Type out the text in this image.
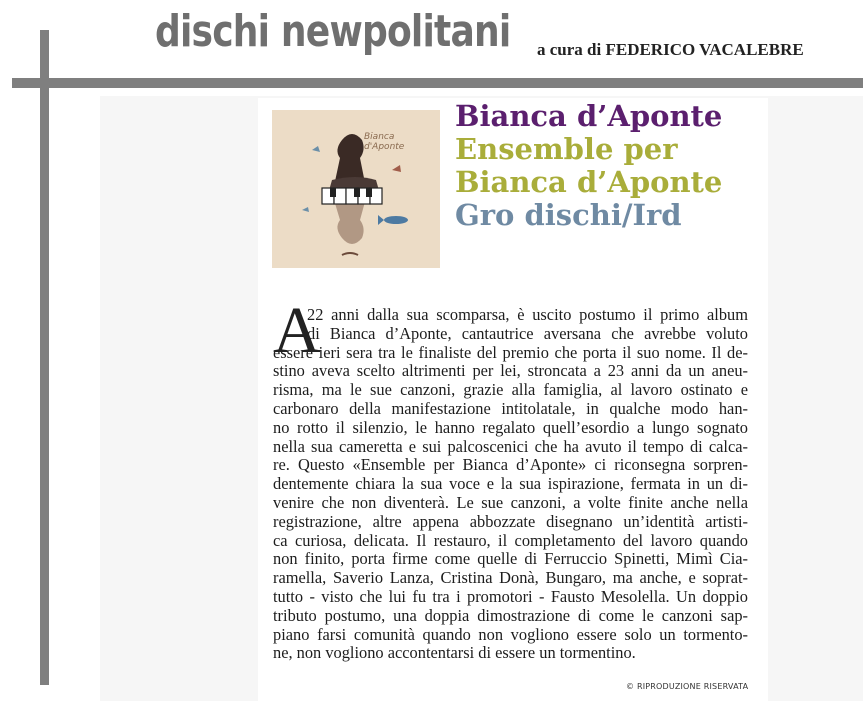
dischi newpolitani a cura di FEDERICO VACALEBRE
Bianca
d'Aponte
Bianca d’Aponte
Ensemble per Bianca d’Aponte
Gro dischi/Ird
A
22 anni dalla sua scomparsa, è uscito postumo il primo album
di Bianca d’Aponte, cantautrice aversana che avrebbe voluto
essere ieri sera tra le finaliste del premio che porta il suo nome. Il de-
stino aveva scelto altrimenti per lei, stroncata a 23 anni da un aneu-
risma, ma le sue canzoni, grazie alla famiglia, al lavoro ostinato e
carbonaro della manifestazione intitolatale, in qualche modo han-
no rotto il silenzio, le hanno regalato quell’esordio a lungo sognato
nella sua cameretta e sui palcoscenici che ha avuto il tempo di calca-
re. Questo «Ensemble per Bianca d’Aponte» ci riconsegna sorpren-
dentemente chiara la sua voce e la sua ispirazione, fermata in un di-
venire che non diventerà. Le sue canzoni, a volte finite anche nella
registrazione, altre appena abbozzate disegnano un’identità artisti-
ca curiosa, delicata. Il restauro, il completamento del lavoro quando
non finito, porta firme come quelle di Ferruccio Spinetti, Mimì Cia-
ramella, Saverio Lanza, Cristina Donà, Bungaro, ma anche, e soprat-
tutto - visto che lui fu tra i promotori - Fausto Mesolella. Un doppio
tributo postumo, una doppia dimostrazione di come le canzoni sap-
piano farsi comunità quando non vogliono essere solo un tormento-
ne, non vogliono accontentarsi di essere un tormentino.
© RIPRODUZIONE RISERVATA
